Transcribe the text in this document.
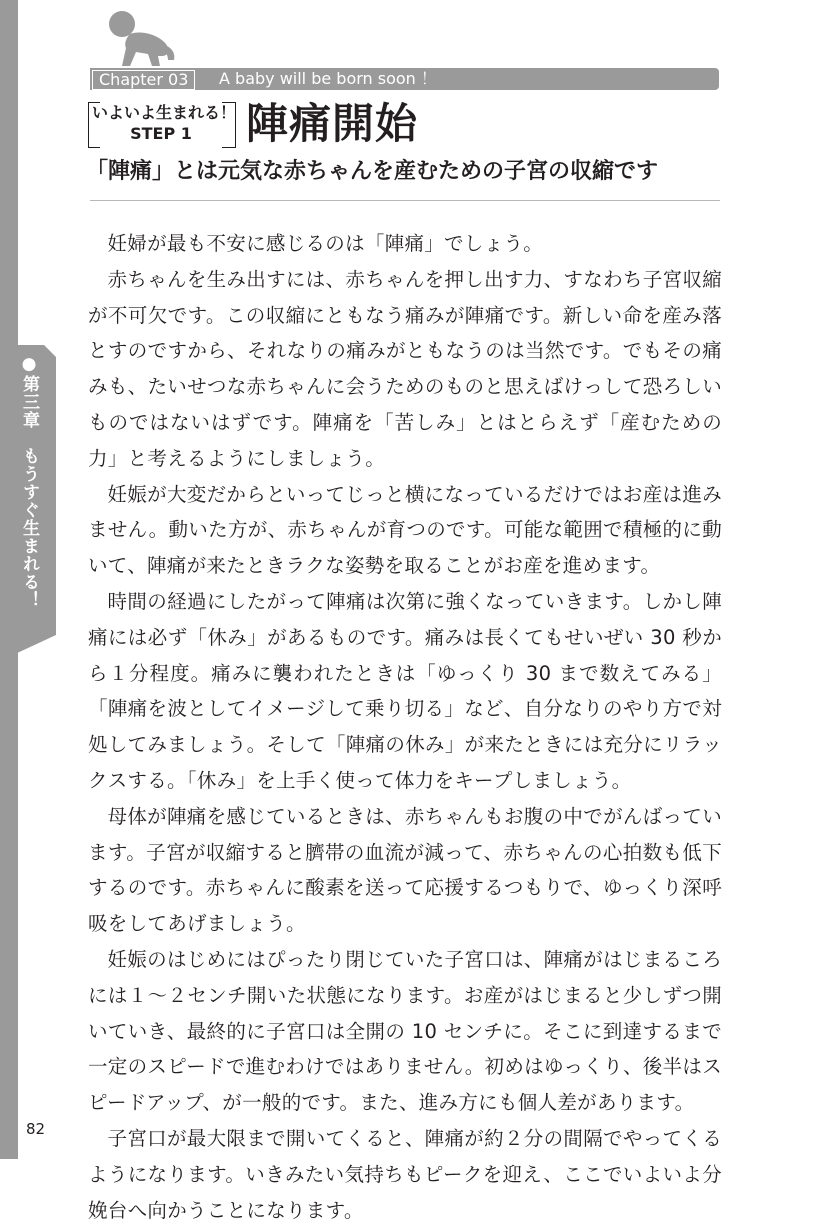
●第三章　もうすぐ生まれる！
Chapter 03	A baby will be born soon ！
いよいよ生まれる！
STEP 1	陣痛開始
「陣痛」とは元気な赤ちゃんを産むための子宮の収縮です

妊婦が最も不安に感じるのは「陣痛」でしょう。

赤ちゃんを生み出すには、赤ちゃんを押し出す力、すなわち子宮収縮が不可欠です。この収縮にともなう痛みが陣痛です。新しい命を産み落とすのですから、それなりの痛みがともなうのは当然です。でもその痛みも、たいせつな赤ちゃんに会うためのものと思えばけっして恐ろしいものではないはずです。陣痛を「苦しみ」とはとらえず「産むための力」と考えるようにしましょう。

妊娠が大変だからといってじっと横になっているだけではお産は進みません。動いた方が、赤ちゃんが育つのです。可能な範囲で積極的に動いて、陣痛が来たときラクな姿勢を取ることがお産を進めます。

時間の経過にしたがって陣痛は次第に強くなっていきます。しかし陣痛には必ず「休み」があるものです。痛みは長くてもせいぜい 30 秒から１分程度。痛みに襲われたときは「ゆっくり 30 まで数えてみる」「陣痛を波としてイメージして乗り切る」など、自分なりのやり方で対処してみましょう。そして「陣痛の休み」が来たときには充分にリラックスする。「休み」を上手く使って体力をキープしましょう。

母体が陣痛を感じているときは、赤ちゃんもお腹の中でがんばっています。子宮が収縮すると臍帯の血流が減って、赤ちゃんの心拍数も低下するのです。赤ちゃんに酸素を送って応援するつもりで、ゆっくり深呼吸をしてあげましょう。

妊娠のはじめにはぴったり閉じていた子宮口は、陣痛がはじまるころには１～２センチ開いた状態になります。お産がはじまると少しずつ開いていき、最終的に子宮口は全開の 10 センチに。そこに到達するまで一定のスピードで進むわけではありません。初めはゆっくり、後半はスピードアップ、が一般的です。また、進み方にも個人差があります。

子宮口が最大限まで開いてくると、陣痛が約２分の間隔でやってくるようになります。いきみたい気持ちもピークを迎え、ここでいよいよ分娩台へ向かうことになります。

82
